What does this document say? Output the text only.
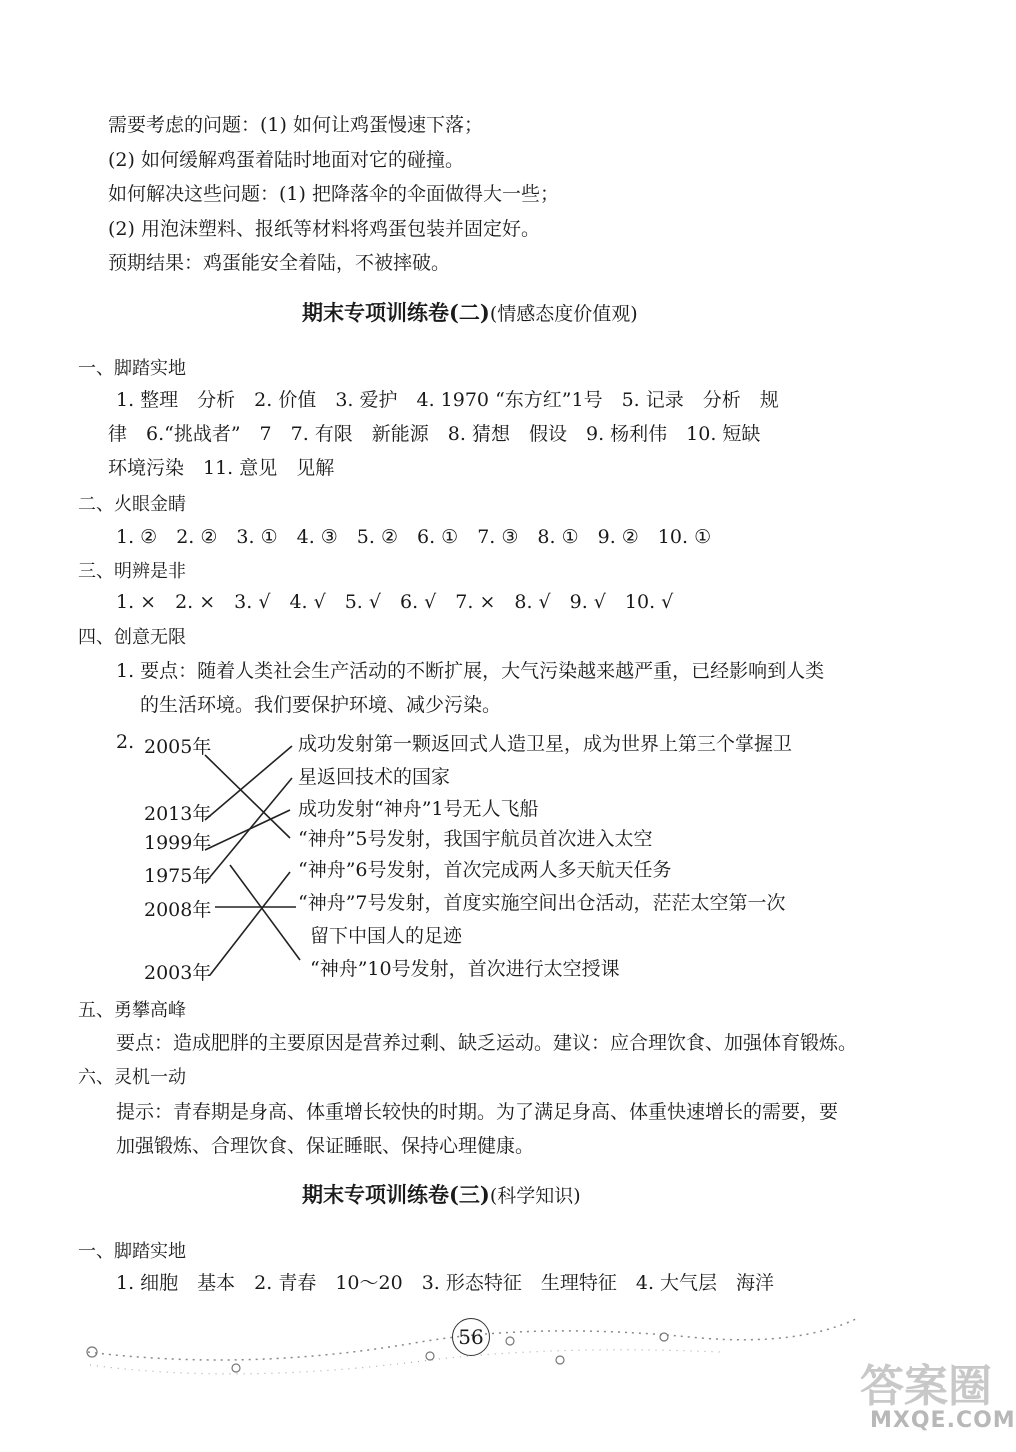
需要考虑的问题：(1) 如何让鸡蛋慢速下落；
(2) 如何缓解鸡蛋着陆时地面对它的碰撞。
如何解决这些问题：(1) 把降落伞的伞面做得大一些；
(2) 用泡沫塑料、报纸等材料将鸡蛋包装并固定好。
预期结果：鸡蛋能安全着陆，不被摔破。
期末专项训练卷(二)(情感态度价值观)
一、脚踏实地
1. 整理　分析　2. 价值　3. 爱护　4. 1970 “东方红”1号　5. 记录　分析　规
律　6.“挑战者”　7　7. 有限　新能源　8. 猜想　假设　9. 杨利伟　10. 短缺
环境污染　11. 意见　见解
二、火眼金睛
1. ②　2. ②　3. ①　4. ③　5. ②　6. ①　7. ③　8. ①　9. ②　10. ①
三、明辨是非
1. ×　2. ×　3. √　4. √　5. √　6. √　7. ×　8. √　9. √　10. √
四、创意无限
1. 要点：随着人类社会生产活动的不断扩展，大气污染越来越严重，已经影响到人类
的生活环境。我们要保护环境、减少污染。
2. 2005年
2013年
1999年
1975年
2008年
2003年
成功发射第一颗返回式人造卫星，成为世界上第三个掌握卫
星返回技术的国家
成功发射“神舟”1号无人飞船
“神舟”5号发射，我国宇航员首次进入太空
“神舟”6号发射，首次完成两人多天航天任务
“神舟”7号发射，首度实施空间出仓活动，茫茫太空第一次
留下中国人的足迹
“神舟”10号发射，首次进行太空授课
五、勇攀高峰
要点：造成肥胖的主要原因是营养过剩、缺乏运动。建议：应合理饮食、加强体育锻炼。
六、灵机一动
提示：青春期是身高、体重增长较快的时期。为了满足身高、体重快速增长的需要，要
加强锻炼、合理饮食、保证睡眠、保持心理健康。
期末专项训练卷(三)(科学知识)
一、脚踏实地
1. 细胞　基本　2. 青春　10～20　3. 形态特征　生理特征　4. 大气层　海洋
56
答案圈
MXQE.COM
